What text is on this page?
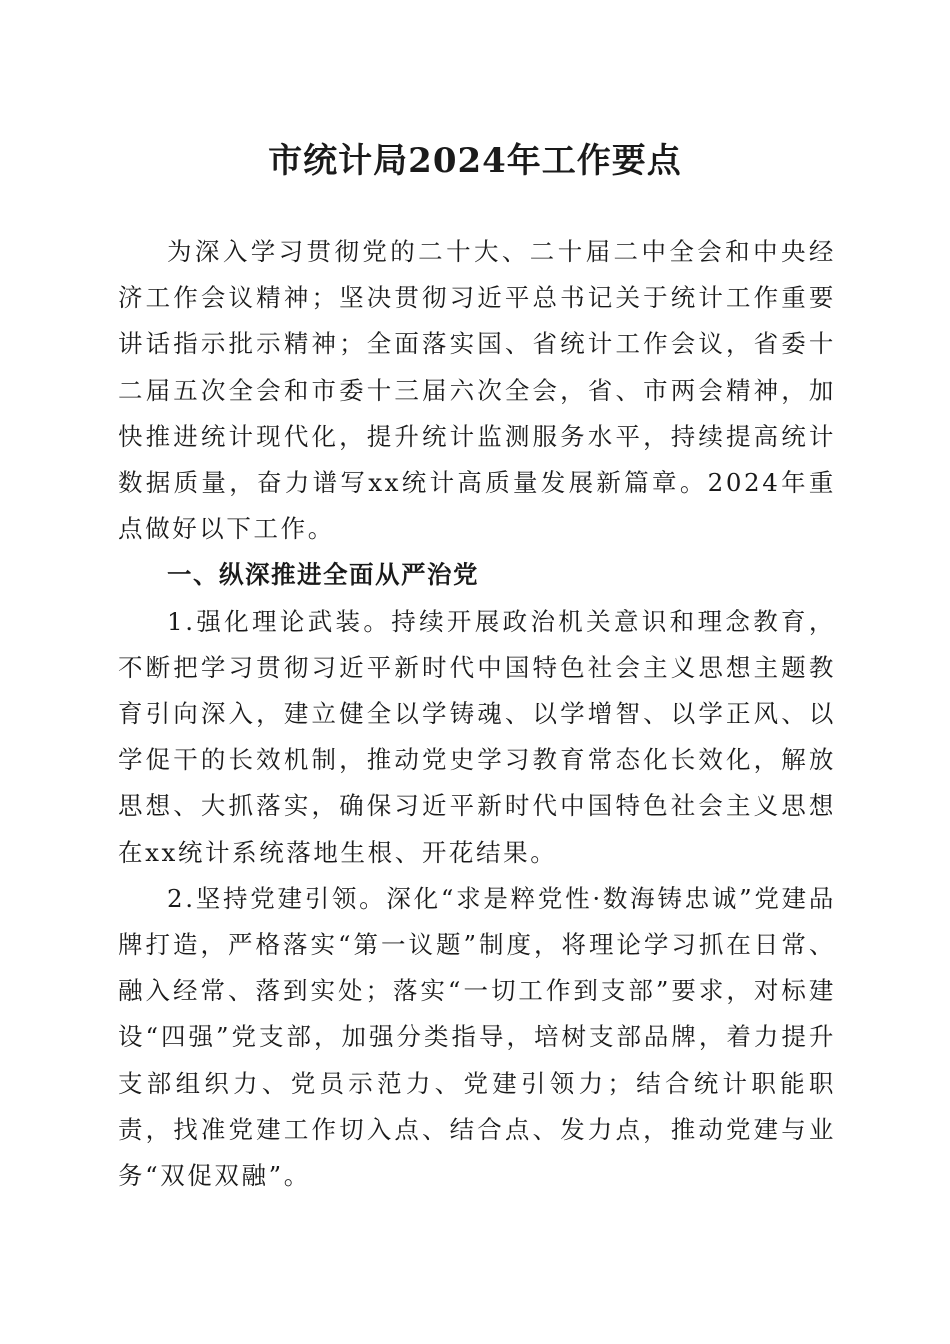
市统计局2024年工作要点

为深入学习贯彻党的二十大、二十届二中全会和中央经济工作会议精神；坚决贯彻习近平总书记关于统计工作重要讲话指示批示精神；全面落实国、省统计工作会议，省委十二届五次全会和市委十三届六次全会，省、市两会精神，加快推进统计现代化，提升统计监测服务水平，持续提高统计数据质量，奋力谱写xx统计高质量发展新篇章。2024年重点做好以下工作。

一、纵深推进全面从严治党

1.强化理论武装。持续开展政治机关意识和理念教育，不断把学习贯彻习近平新时代中国特色社会主义思想主题教育引向深入，建立健全以学铸魂、以学增智、以学正风、以学促干的长效机制，推动党史学习教育常态化长效化，解放思想、大抓落实，确保习近平新时代中国特色社会主义思想在xx统计系统落地生根、开花结果。

2.坚持党建引领。深化“求是粹党性·数海铸忠诚”党建品牌打造，严格落实“第一议题”制度，将理论学习抓在日常、融入经常、落到实处；落实“一切工作到支部”要求，对标建设“四强”党支部，加强分类指导，培树支部品牌，着力提升支部组织力、党员示范力、党建引领力；结合统计职能职责，找准党建工作切入点、结合点、发力点，推动党建与业务“双促双融”。
